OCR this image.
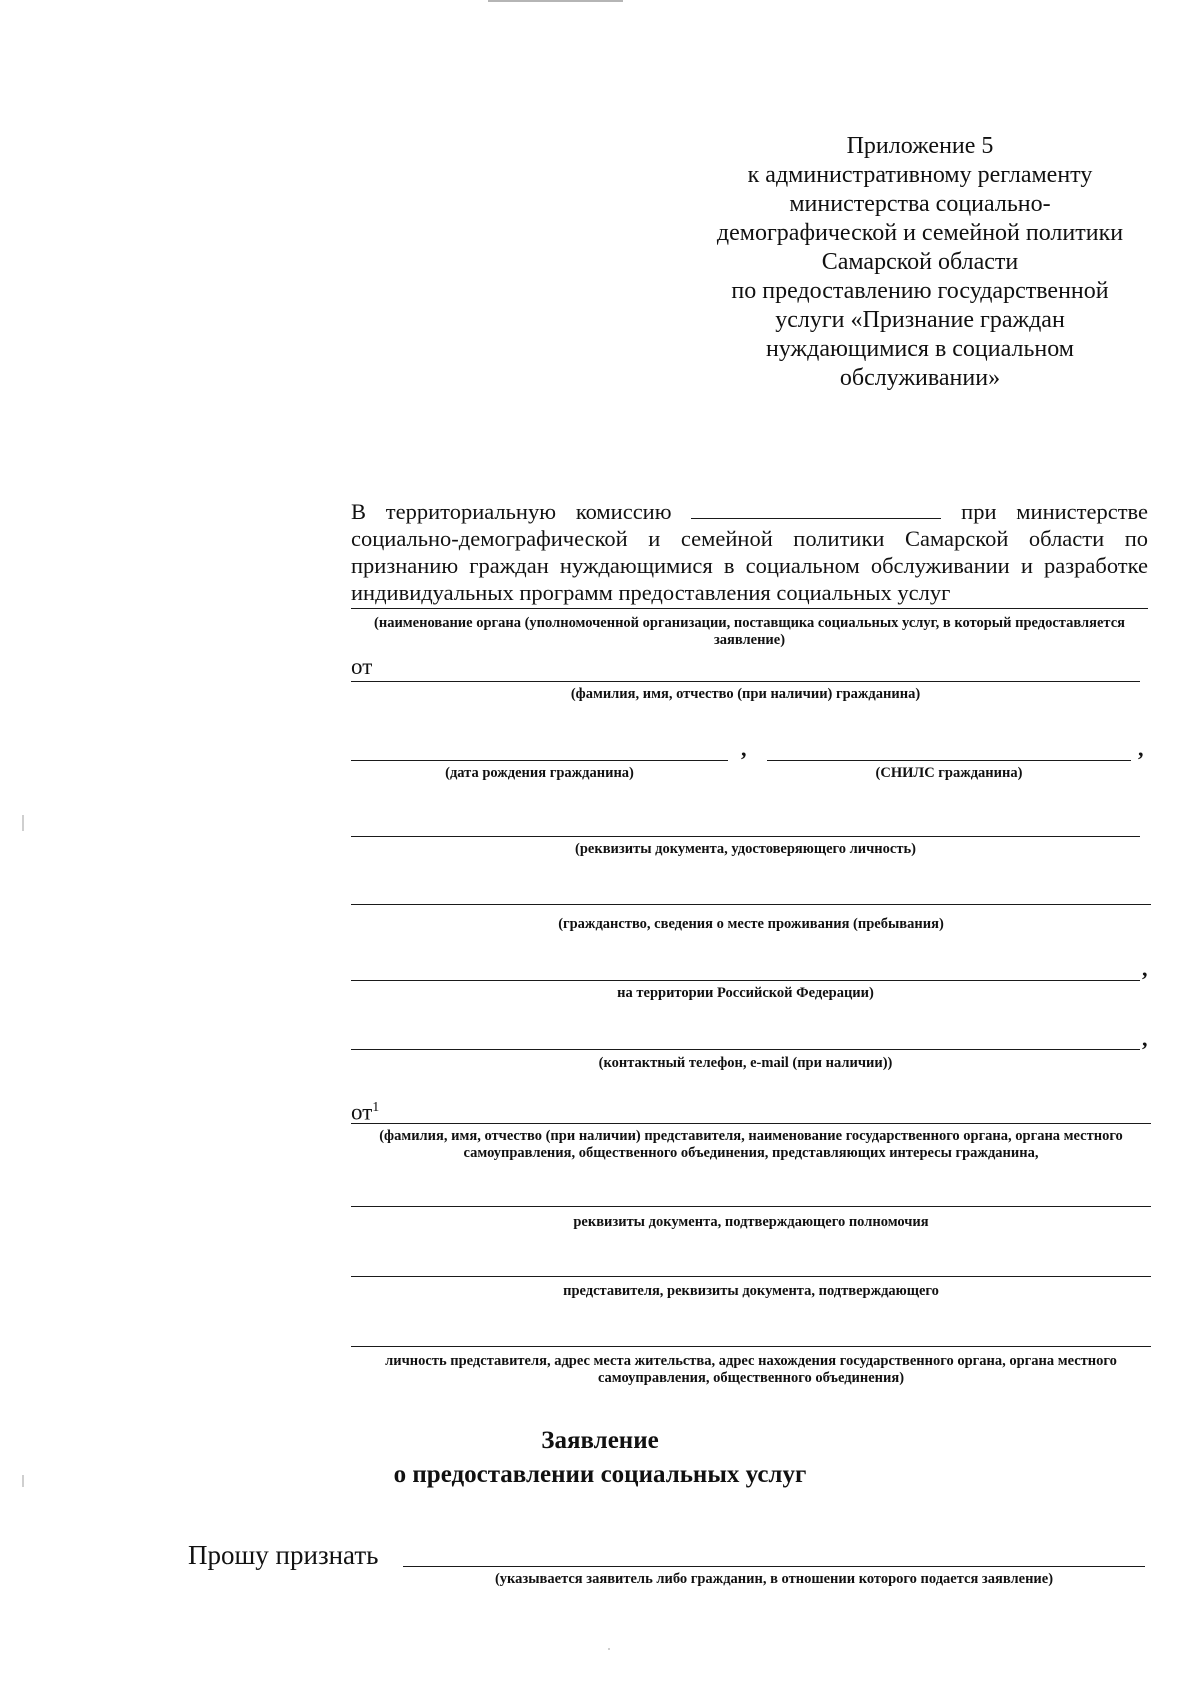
Приложение 5
к административному регламенту
министерства социально-
демографической и семейной политики
Самарской области
по предоставлению государственной
услуги «Признание граждан
нуждающимися в социальном
обслуживании»
В территориальную комиссию	при министерстве
социально-демографической и семейной политики Самарской области по
признанию граждан нуждающимися в социальном обслуживании и разработке
индивидуальных программ предоставления социальных услуг
(наименование органа (уполномоченной организации, поставщика социальных услуг, в который предоставляется заявление)
от
(фамилия, имя, отчество (при наличии) гражданина)
,	,
(дата рождения гражданина)	(СНИЛС гражданина)
(реквизиты документа, удостоверяющего личность)
(гражданство, сведения о месте проживания (пребывания)
,
на территории Российской Федерации)
,
(контактный телефон, e-mail (при наличии))
$от^1$
(фамилия, имя, отчество (при наличии) представителя, наименование государственного органа, органа местного самоуправления, общественного объединения, представляющих интересы гражданина,
реквизиты документа, подтверждающего полномочия
представителя, реквизиты документа, подтверждающего
личность представителя, адрес места жительства, адрес нахождения государственного органа, органа местного самоуправления, общественного объединения)
Заявление
о предоставлении социальных услуг
Прошу признать
(указывается заявитель либо гражданин, в отношении которого подается заявление)
